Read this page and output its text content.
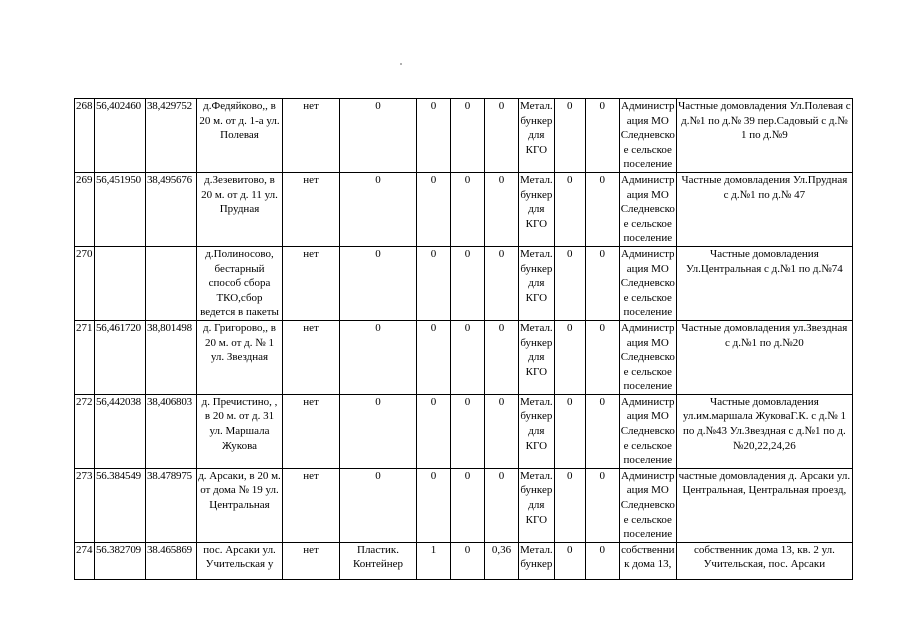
268	56,402460	38,429752	д.Федяйково,, в 20 м. от д. 1-а ул. Полевая	нет	0	0	0	0	Метал. бункер для КГО	0	0	Администр ация МО Следневско е сельское поселение	Частные домовладения Ул.Полевая с д.№1 по д.№ 39 пер.Садовый с д.№ 1 по д.№9
269	56,451950	38,495676	д.Зезевитово, в 20 м. от д. 11 ул. Прудная	нет	0	0	0	0	Метал. бункер для КГО	0	0	Администр ация МО Следневско е сельское поселение	Частные домовладения Ул.Прудная с д.№1 по д.№ 47
270			д.Полиносово, бестарный способ сбора ТКО,сбор ведется в пакеты	нет	0	0	0	0	Метал. бункер для КГО	0	0	Администр ация МО Следневско е сельское поселение	Частные домовладения Ул.Центральная с д.№1 по д.№74
271	56,461720	38,801498	д. Григорово,, в 20 м. от д. № 1 ул. Звездная	нет	0	0	0	0	Метал. бункер для КГО	0	0	Администр ация МО Следневско е сельское поселение	Частные домовладения ул.Звездная с д.№1 по д.№20
272	56,442038	38,406803	д. Пречистино, , в 20 м. от д. 31 ул. Маршала Жукова	нет	0	0	0	0	Метал. бункер для КГО	0	0	Администр ация МО Следневско е сельское поселение	Частные домовладения ул.им.маршала ЖуковаГ.К. с д.№ 1 по д.№43 Ул.Звездная с д.№1 по д.№20,22,24,26
273	56.384549	38.478975	д. Арсаки, в 20 м. от дома № 19 ул. Центральная	нет	0	0	0	0	Метал. бункер для КГО	0	0	Администр ация МО Следневско е сельское поселение	частные домовладения д. Арсаки ул. Центральная, Центральная проезд,
274	56.382709	38.465869	пос. Арсаки ул. Учительская у	нет	Пластик. Контейнер	1	0	0,36	Метал. бункер	0	0	собственни к дома 13,	собственник дома 13, кв. 2 ул. Учительская, пос. Арсаки
